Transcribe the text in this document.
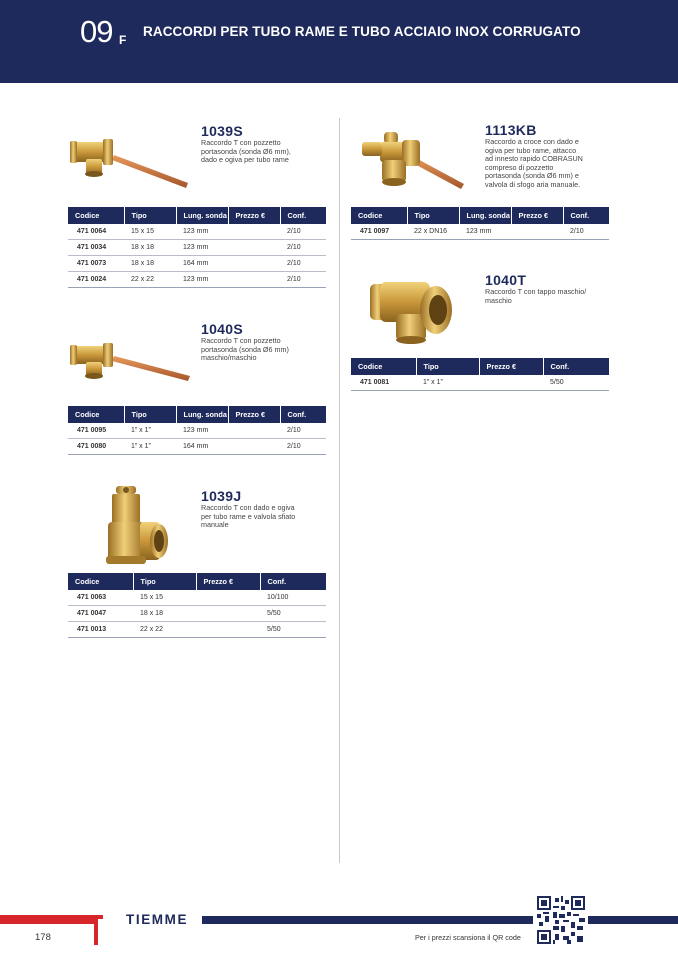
09 F
RACCORDI PER TUBO RAME E TUBO ACCIAIO INOX CORRUGATO
1039S
Raccordo T con pozzetto
portasonda (sonda Ø6 mm),
dado e ogiva per tubo rame
Codice	Tipo	Lung. sonda	Prezzo €	Conf.
471 0064	15 x 15	123 mm		2/10
471 0034	18 x 18	123 mm		2/10
471 0073	18 x 18	164 mm		2/10
471 0024	22 x 22	123 mm		2/10
1040S
Raccordo T con pozzetto
portasonda (sonda Ø6 mm)
maschio/maschio
Codice	Tipo	Lung. sonda	Prezzo €	Conf.
471 0095	1” x 1”	123 mm		2/10
471 0080	1” x 1”	164 mm		2/10
1039J
Raccordo T con dado e ogiva
per tubo rame e valvola sfiato
manuale
Codice	Tipo	Prezzo €	Conf.
471 0063	15 x 15		10/100
471 0047	18 x 18		5/50
471 0013	22 x 22		5/50
1113KB
Raccordo a croce con dado e
ogiva per tubo rame, attacco
ad innesto rapido COBRASUN
compreso di pozzetto
portasonda (sonda Ø6 mm) e
valvola di sfogo aria manuale.
Codice	Tipo	Lung. sonda	Prezzo €	Conf.
471 0097	22 x DN16	123 mm		2/10
1040T
Raccordo T con tappo maschio/
maschio
Codice	Tipo	Prezzo €	Conf.
471 0081	1” x 1”		5/50
TIEMME
178	Per i prezzi scansiona il QR code
